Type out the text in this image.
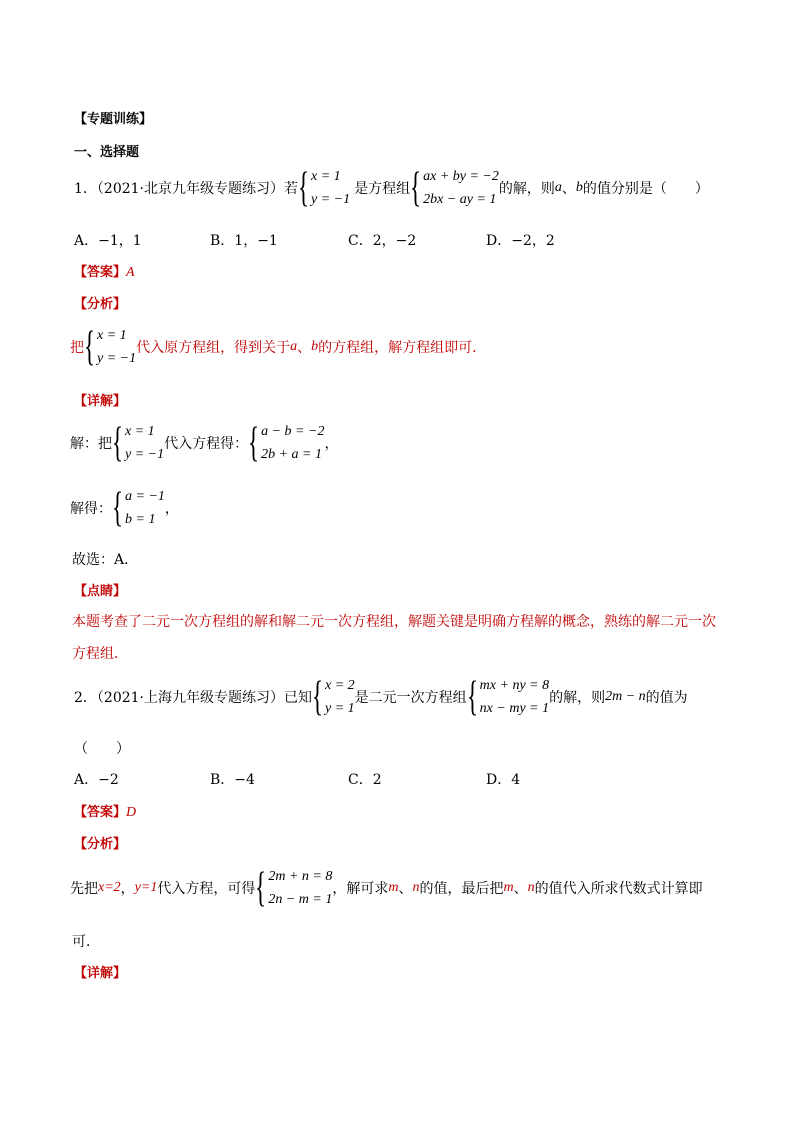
【专题训练】
一、选择题
1．（2021·北京九年级专题练习）若 { x = 1
y = −1
是方程组 { ax + by = −2
2bx − ay = 1
的解，则 a 、 b 的值分别是（　　）
A．−1，1	B．1，−1	C．2，−2	D．−2，2
【答案】A
【分析】
把 { x = 1
y = −1
代入原方程组，得到关于 a 、 b 的方程组，解方程组即可．
【详解】
解：把 { x = 1
y = −1
代入方程得： { a − b = −2
2b + a = 1
，
解得： { a = −1
b = 1
，
故选：A．
【点睛】
本题考查了二元一次方程组的解和解二元一次方程组，解题关键是明确方程解的概念，熟练的解二元一次
方程组．
2．（2021·上海九年级专题练习）已知 { x = 2
y = 1
是二元一次方程组 { mx + ny = 8
nx − my = 1
的解，则 2m − n 的值为
（　　）
A．−2	B．−4	C．2	D．4
【答案】D
【分析】
先把 x=2 ， y=1 代入方程，可得 { 2m + n = 8
2n − m = 1
，解可求 m 、 n 的值，最后把 m 、 n 的值代入所求代数式计算即
可．
【详解】
